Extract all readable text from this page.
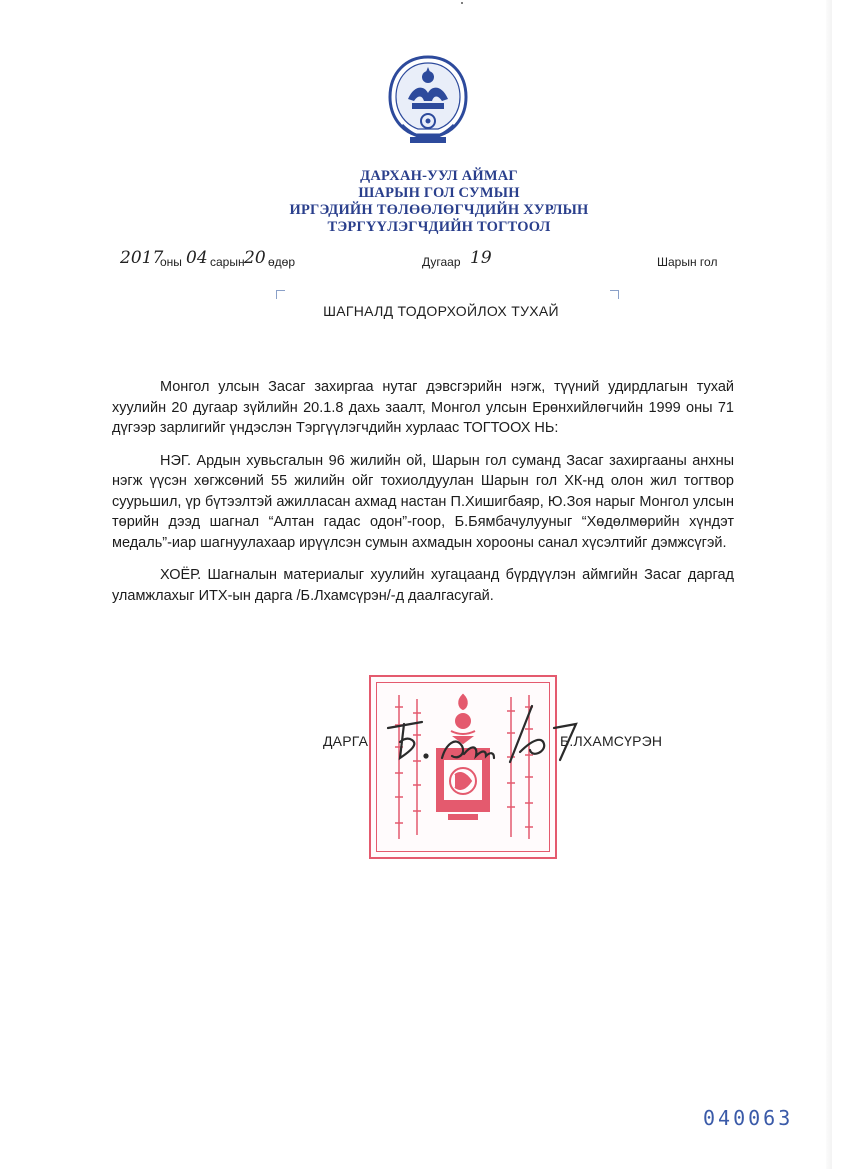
ДАРХАН-УУЛ АЙМАГ
ШАРЫН ГОЛ СУМЫН
ИРГЭДИЙН ТӨЛӨӨЛӨГЧДИЙН ХУРЛЫН
ТЭРГҮҮЛЭГЧДИЙН ТОГТООЛ
2017
оны 04 сарын 20 өдөр	Дугаар 19	Шарын гол
ШАГНАЛД ТОДОРХОЙЛОХ ТУХАЙ

Монгол улсын Засаг захиргаа нутаг дэвсгэрийн нэгж, түүний удирдлагын тухай хуулийн 20 дугаар зүйлийн 20.1.8 дахь заалт, Монгол улсын Ерөнхийлөгчийн 1999 оны 71 дүгээр зарлигийг үндэслэн Тэргүүлэгчдийн хурлаас ТОГТООХ НЬ:

НЭГ. Ардын хувьсгалын 96 жилийн ой, Шарын гол суманд Засаг захиргааны анхны нэгж үүсэн хөгжсөний 55 жилийн ойг тохиолдуулан Шарын гол ХК-нд олон жил тогтвор суурьшил, үр бүтээлтэй ажилласан ахмад настан П.Хишигбаяр, Ю.Зоя нарыг Монгол улсын төрийн дээд шагнал “Алтан гадас одон”-гоор, Б.Бямбачулууныг “Хөдөлмөрийн хүндэт медаль”-иар шагнуулахаар ирүүлсэн сумын ахмадын хорооны санал хүсэлтийг дэмжсүгэй.

ХОЁР. Шагналын материалыг хуулийн хугацаанд бүрдүүлэн аймгийн Засаг даргад уламжлахыг ИТХ-ын дарга /Б.Лхамсүрэн/-д даалгасугай.

ДАРГА	Б.ЛХАМСҮРЭН
040063
